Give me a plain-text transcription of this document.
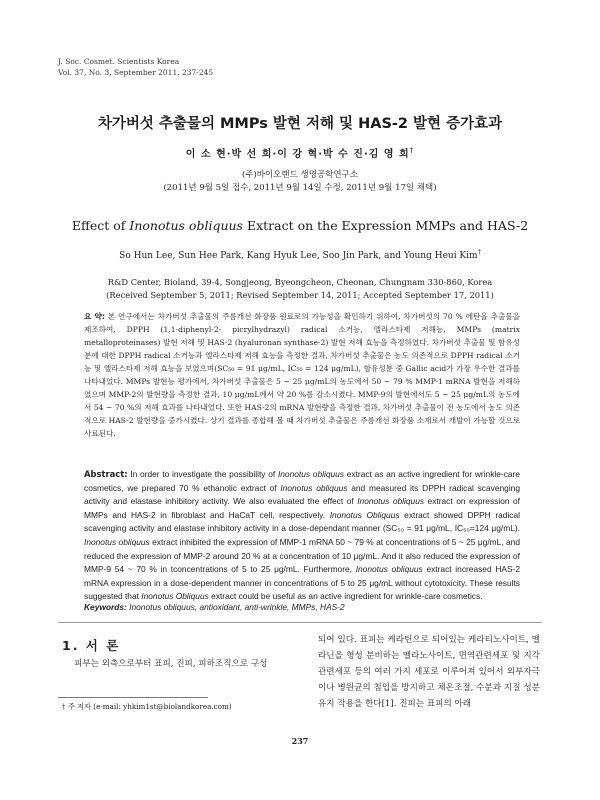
J. Soc. Cosmet. Scientists Korea
Vol. 37, No. 3, September 2011, 237-245
차가버섯 추출물의 MMPs 발현 저해 및 HAS-2 발현 증가효과
이 소 현·박 선 희·이 강 혁·박 수 진·김 영 희†
(주)바이오랜드 생명공학연구소
(2011년 9월 5일 접수, 2011년 9월 14일 수정, 2011년 9월 17일 채택)
Effect of Inonotus obliquus Extract on the Expression MMPs and HAS-2
So Hun Lee, Sun Hee Park, Kang Hyuk Lee, Soo Jin Park, and Young Heui Kim†
R&D Center, Bioland, 39-4, Songjeong, Byeongcheon, Cheonan, Chungnam 330-860, Korea
(Received September 5, 2011; Revised September 14, 2011; Accepted September 17, 2011)
요 약: 본 연구에서는 차가버섯 추출물의 주름개선 화장품 원료로의 가능성을 확인하기 위하여, 차가버섯의 70 % 에탄올 추출물을 제조하여, DPPH (1,1-diphenyl-2- picrylhydrazyl) radical 소거능, 엘라스타제 저해능, MMPs (matrix metalloproteinases) 발현 저해 및 HAS-2 (hyaluronan synthase-2) 발현 저해 효능을 측정하였다. 차가버섯 추출물 및 함유성분에 대한 DPPH radical 소거능과 엘라스타제 저해 효능을 측정한 결과, 차가버섯 추출물은 농도 의존적으로 DPPH radical 소거능 및 엘라스타제 저해 효능을 보였으며(SC₅₀ = 91 μg/mL, IC₅₀ = 124 μg/mL), 함유성분 중 Gallic acid가 가장 우수한 결과를 나타내었다. MMPs 발현능 평가에서, 차가버섯 추출물은 5 ~ 25 μg/mL의 농도에서 50 ~ 79 % MMP-1 mRNA 발현을 저해하였으며 MMP-2의 발현량을 측정한 결과, 10 μg/mL에서 약 20 %를 감소시켰다. MMP-9의 발현에서도 5 ~ 25 μg/mL의 농도에서 54 ~ 70 %의 저해 효과를 나타내었다. 또한 HAS-2의 mRNA 발현량을 측정한 결과, 차가버섯 추출물이 전 농도에서 농도 의존적으로 HAS-2 발현량을 증가시켰다. 상기 결과를 종합해 볼 때 차가버섯 추출물은 주름개선 화장품 소재로서 개발이 가능할 것으로 사료된다.
Abstract: In order to investigate the possibility of Inonotus obliquus extract as an active ingredient for wrinkle-care cosmetics, we prepared 70 % ethanolic extract of Inonotus obliquus and measured its DPPH radical scavenging activity and elastase inhibitory activity. We also evaluated the effect of Inonotus obliquus extract on expression of MMPs and HAS-2 in fibroblast and HaCaT cell, respectively. Inonotus Obliquus extract showed DPPH radical scavenging activity and elastase inhibitory activity in a dose-dependant manner (SC₅₀ = 91 μg/mL, IC₅₀=124 μg/mL). Inonotus obliquus extract inhibited the expression of MMP-1 mRNA 50 ~ 79 % at concentrations of 5 ~ 25 μg/mL, and reduced the expression of MMP-2 around 20 % at a concentration of 10 μg/mL. And it also reduced the expression of MMP-9 54 ~ 70 % in tconcentrations of 5 to 25 μg/mL. Furthermore, Inonotus obliquus extract increased HAS-2 mRNA expression in a dose-dependent manner in concentrations of 5 to 25 μg/mL without cytotoxicity. These results suggested that Inonotus Obliquus extract could be useful as an active ingredient for wrinkle-care cosmetics.
Keywords: Inonotus obliquus, antioxidant, anti-wrinkle, MMPs, HAS-2
1. 서 론
피부는 외측으로부터 표피, 진피, 피하조직으로 구성
되어 있다. 표피는 케라틴으로 되어있는 케라티노사이트, 멜라닌을 형성 분비하는 멜라노사이트, 면역관련세포 및 지각관련세포 등의 여러 가지 세포로 이루어져 있어서 외부자극이나 병원균의 침입을 방지하고 체온조절, 수분과 지질 성분 유지 작용을 한다[1]. 진피는 표피의 아래
† 주 저자 (e-mail: yhkim1st@biolandkorea.com)
237
